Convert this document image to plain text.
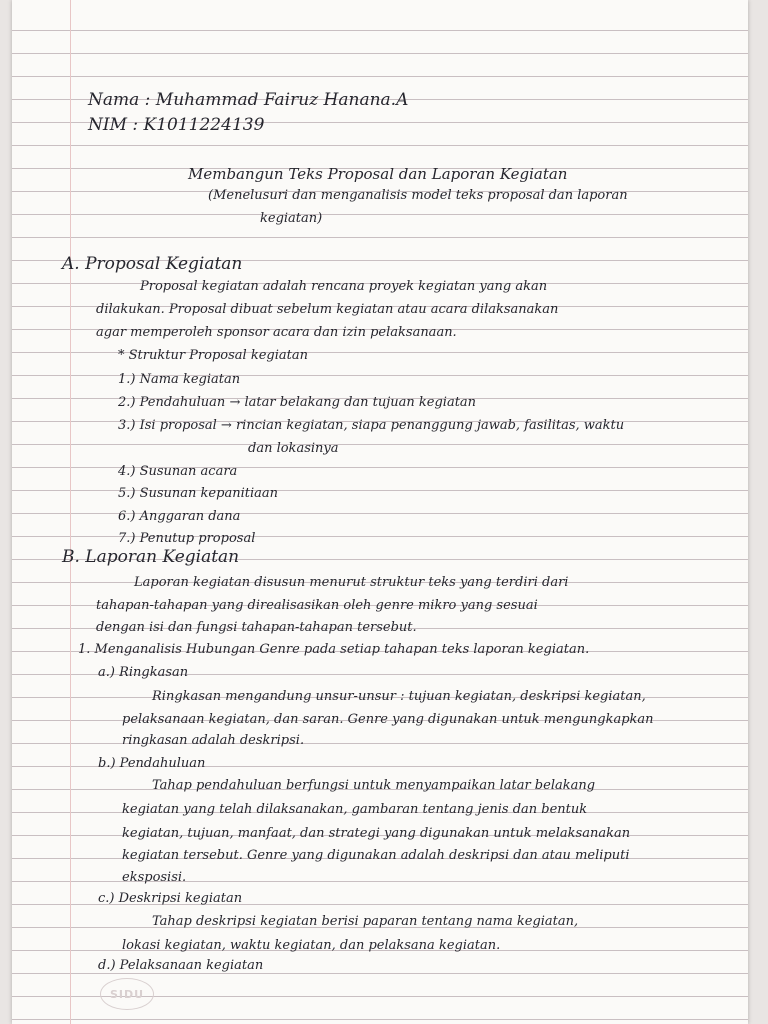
Nama : Muhammad Fairuz Hanana.A
NIM : K1011224139
Membangun Teks Proposal dan Laporan Kegiatan
(Menelusuri dan menganalisis model teks proposal dan laporan
kegiatan)
A. Proposal Kegiatan
Proposal kegiatan adalah rencana proyek kegiatan yang akan
dilakukan. Proposal dibuat sebelum kegiatan atau acara dilaksanakan
agar memperoleh sponsor acara dan izin pelaksanaan.
* Struktur Proposal kegiatan
1.) Nama kegiatan
2.) Pendahuluan → latar belakang dan tujuan kegiatan
3.) Isi proposal → rincian kegiatan, siapa penanggung jawab, fasilitas, waktu
dan lokasinya
4.) Susunan acara
5.) Susunan kepanitiaan
6.) Anggaran dana
7.) Penutup proposal
B. Laporan Kegiatan
Laporan kegiatan disusun menurut struktur teks yang terdiri dari
tahapan-tahapan yang direalisasikan oleh genre mikro yang sesuai
dengan isi dan fungsi tahapan-tahapan tersebut.
1. Menganalisis Hubungan Genre pada setiap tahapan teks laporan kegiatan.
a.) Ringkasan
Ringkasan mengandung unsur-unsur : tujuan kegiatan, deskripsi kegiatan,
pelaksanaan kegiatan, dan saran. Genre yang digunakan untuk mengungkapkan
ringkasan adalah deskripsi.
b.) Pendahuluan
Tahap pendahuluan berfungsi untuk menyampaikan latar belakang
kegiatan yang telah dilaksanakan, gambaran tentang jenis dan bentuk
kegiatan, tujuan, manfaat, dan strategi yang digunakan untuk melaksanakan
kegiatan tersebut. Genre yang digunakan adalah deskripsi dan atau meliputi
eksposisi.
c.) Deskripsi kegiatan
Tahap deskripsi kegiatan berisi paparan tentang nama kegiatan,
lokasi kegiatan, waktu kegiatan, dan pelaksana kegiatan.
d.) Pelaksanaan kegiatan
SIDU
